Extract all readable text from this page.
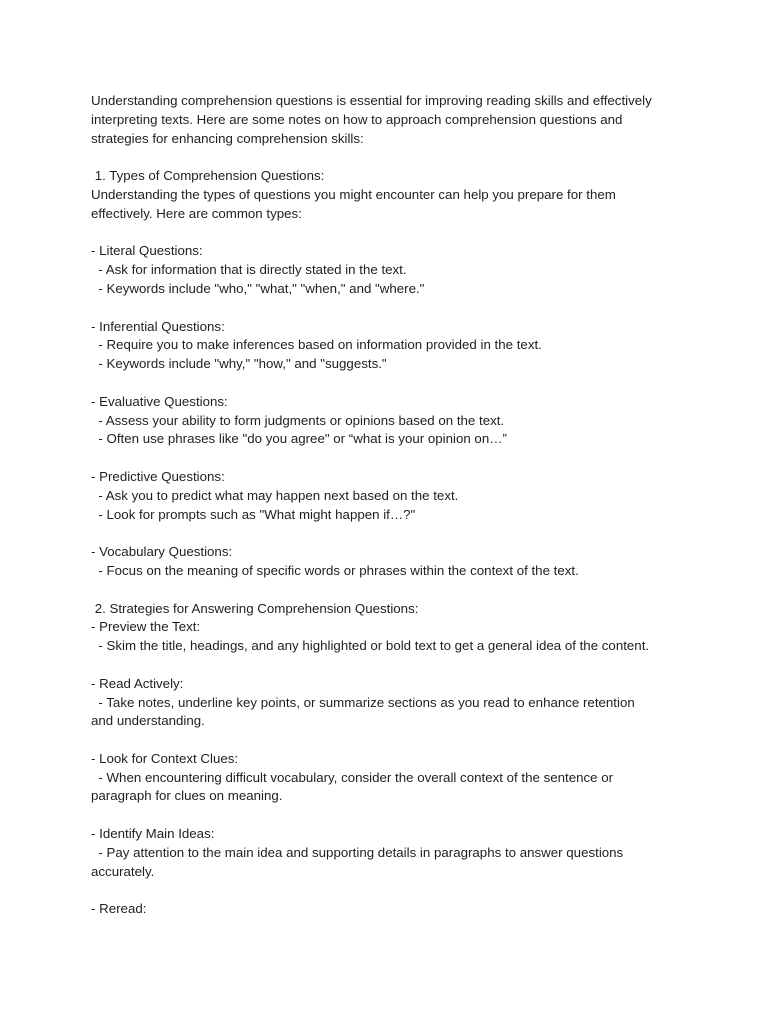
Understanding comprehension questions is essential for improving reading skills and effectively
interpreting texts. Here are some notes on how to approach comprehension questions and
strategies for enhancing comprehension skills:
1. Types of Comprehension Questions:
Understanding the types of questions you might encounter can help you prepare for them
effectively. Here are common types:
- Literal Questions:
- Ask for information that is directly stated in the text.
- Keywords include "who," "what," "when," and "where."
- Inferential Questions:
- Require you to make inferences based on information provided in the text.
- Keywords include "why," "how," and "suggests."
- Evaluative Questions:
- Assess your ability to form judgments or opinions based on the text.
- Often use phrases like "do you agree" or “what is your opinion on…”
- Predictive Questions:
- Ask you to predict what may happen next based on the text.
- Look for prompts such as "What might happen if…?"
- Vocabulary Questions:
- Focus on the meaning of specific words or phrases within the context of the text.
2. Strategies for Answering Comprehension Questions:
- Preview the Text:
- Skim the title, headings, and any highlighted or bold text to get a general idea of the content.
- Read Actively:
- Take notes, underline key points, or summarize sections as you read to enhance retention
and understanding.
- Look for Context Clues:
- When encountering difficult vocabulary, consider the overall context of the sentence or
paragraph for clues on meaning.
- Identify Main Ideas:
- Pay attention to the main idea and supporting details in paragraphs to answer questions
accurately.
- Reread:
